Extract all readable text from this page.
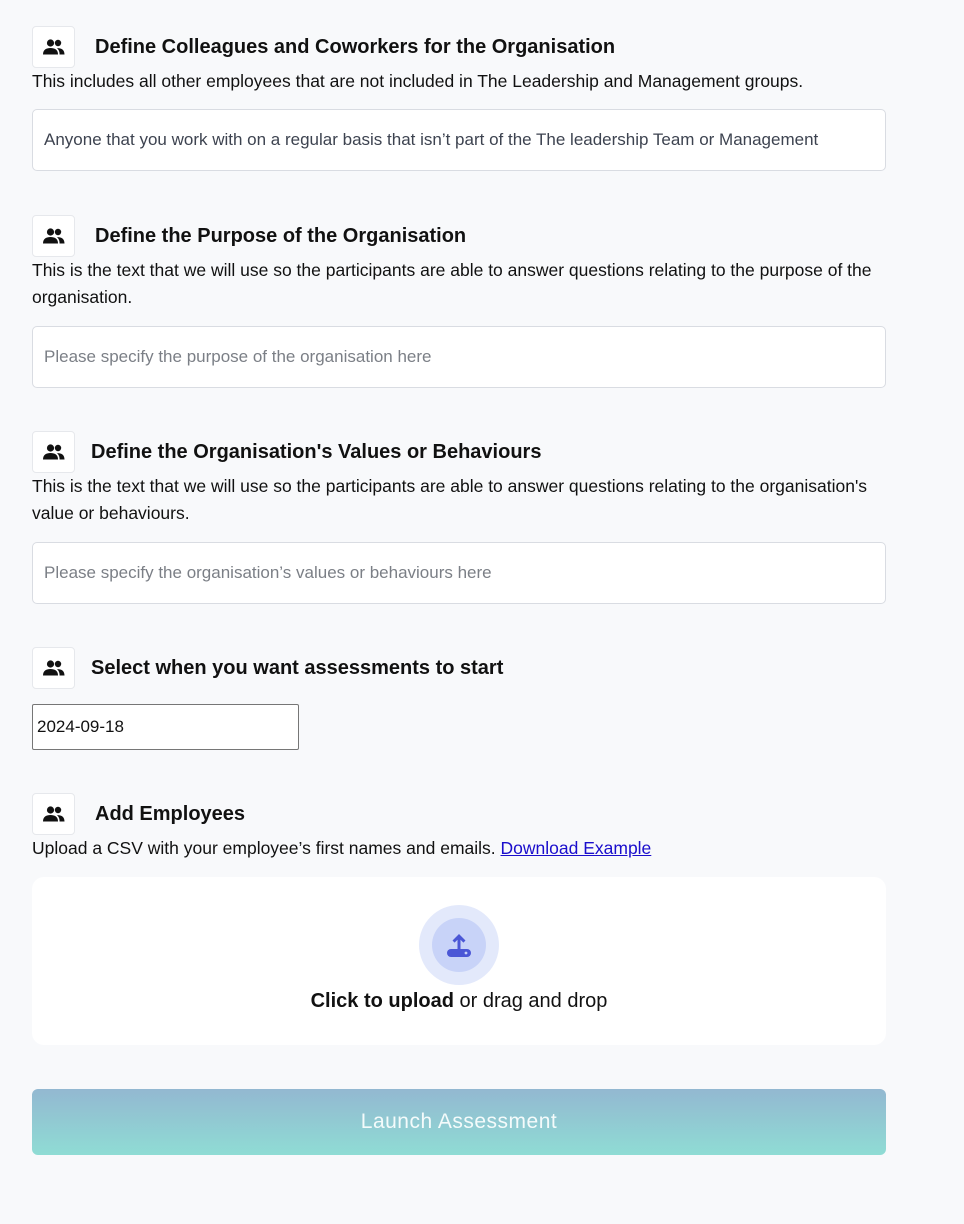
Define Colleagues and Coworkers for the Organisation
This includes all other employees that are not included in The Leadership and Management groups.
Anyone that you work with on a regular basis that isn’t part of the The leadership Team or Management
Define the Purpose of the Organisation
This is the text that we will use so the participants are able to answer questions relating to the purpose of the organisation.
Please specify the purpose of the organisation here
Define the Organisation's Values or Behaviours
This is the text that we will use so the participants are able to answer questions relating to the organisation's value or behaviours.
Please specify the organisation’s values or behaviours here
Select when you want assessments to start
2024-09-18
Add Employees
Upload a CSV with your employee’s first names and emails. Download Example
Click to upload or drag and drop
Launch Assessment
